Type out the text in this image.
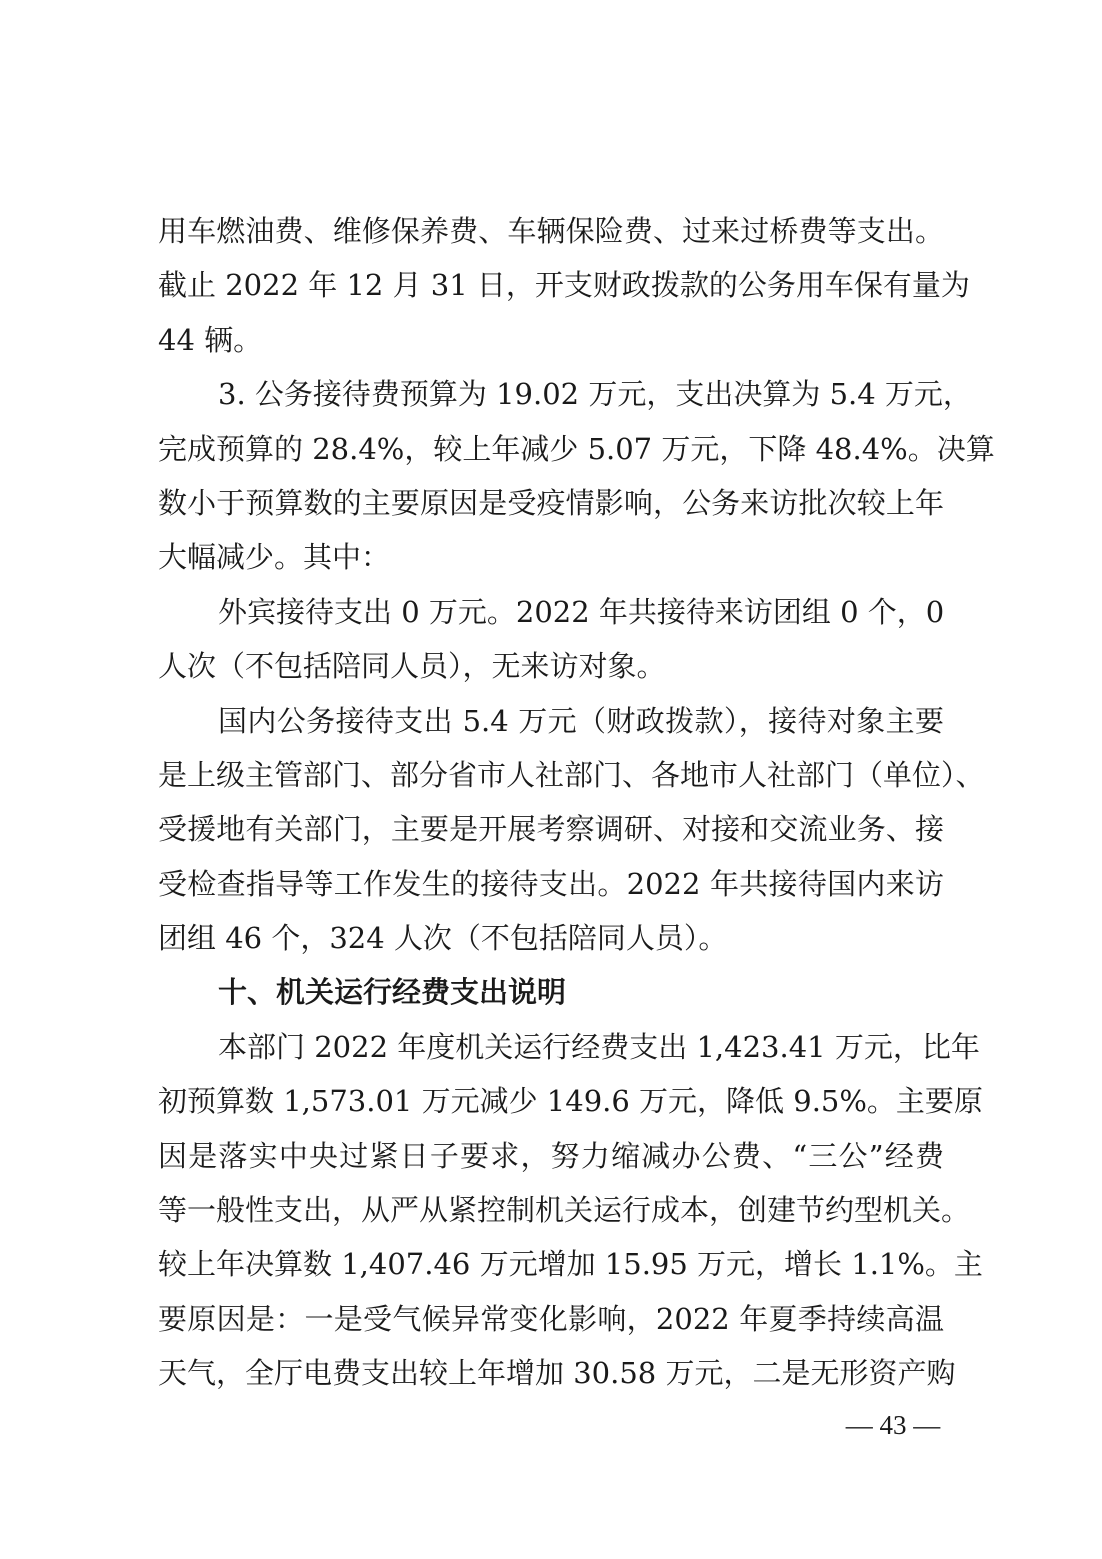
用车燃油费、维修保养费、车辆保险费、过来过桥费等支出。
截止 2022 年 12 月 31 日，开支财政拨款的公务用车保有量为
44 辆。
3. 公务接待费预算为 19.02 万元，支出决算为 5.4 万元，
完成预算的 28.4%，较上年减少 5.07 万元，下降 48.4%。决算
数小于预算数的主要原因是受疫情影响，公务来访批次较上年
大幅减少。其中：
外宾接待支出 0 万元。2022 年共接待来访团组 0 个，0
人次（不包括陪同人员），无来访对象。
国内公务接待支出 5.4 万元（财政拨款），接待对象主要
是上级主管部门、部分省市人社部门、各地市人社部门（单位）、
受援地有关部门，主要是开展考察调研、对接和交流业务、接
受检查指导等工作发生的接待支出。2022 年共接待国内来访
团组 46 个，324 人次（不包括陪同人员）。
十、机关运行经费支出说明
本部门 2022 年度机关运行经费支出 1,423.41 万元，比年
初预算数 1,573.01 万元减少 149.6 万元，降低 9.5%。主要原
因是落实中央过紧日子要求，努力缩减办公费、“三公”经费
等一般性支出，从严从紧控制机关运行成本，创建节约型机关。
较上年决算数 1,407.46 万元增加 15.95 万元，增长 1.1%。主
要原因是：一是受气候异常变化影响，2022 年夏季持续高温
天气，全厅电费支出较上年增加 30.58 万元，二是无形资产购
— 43 —
